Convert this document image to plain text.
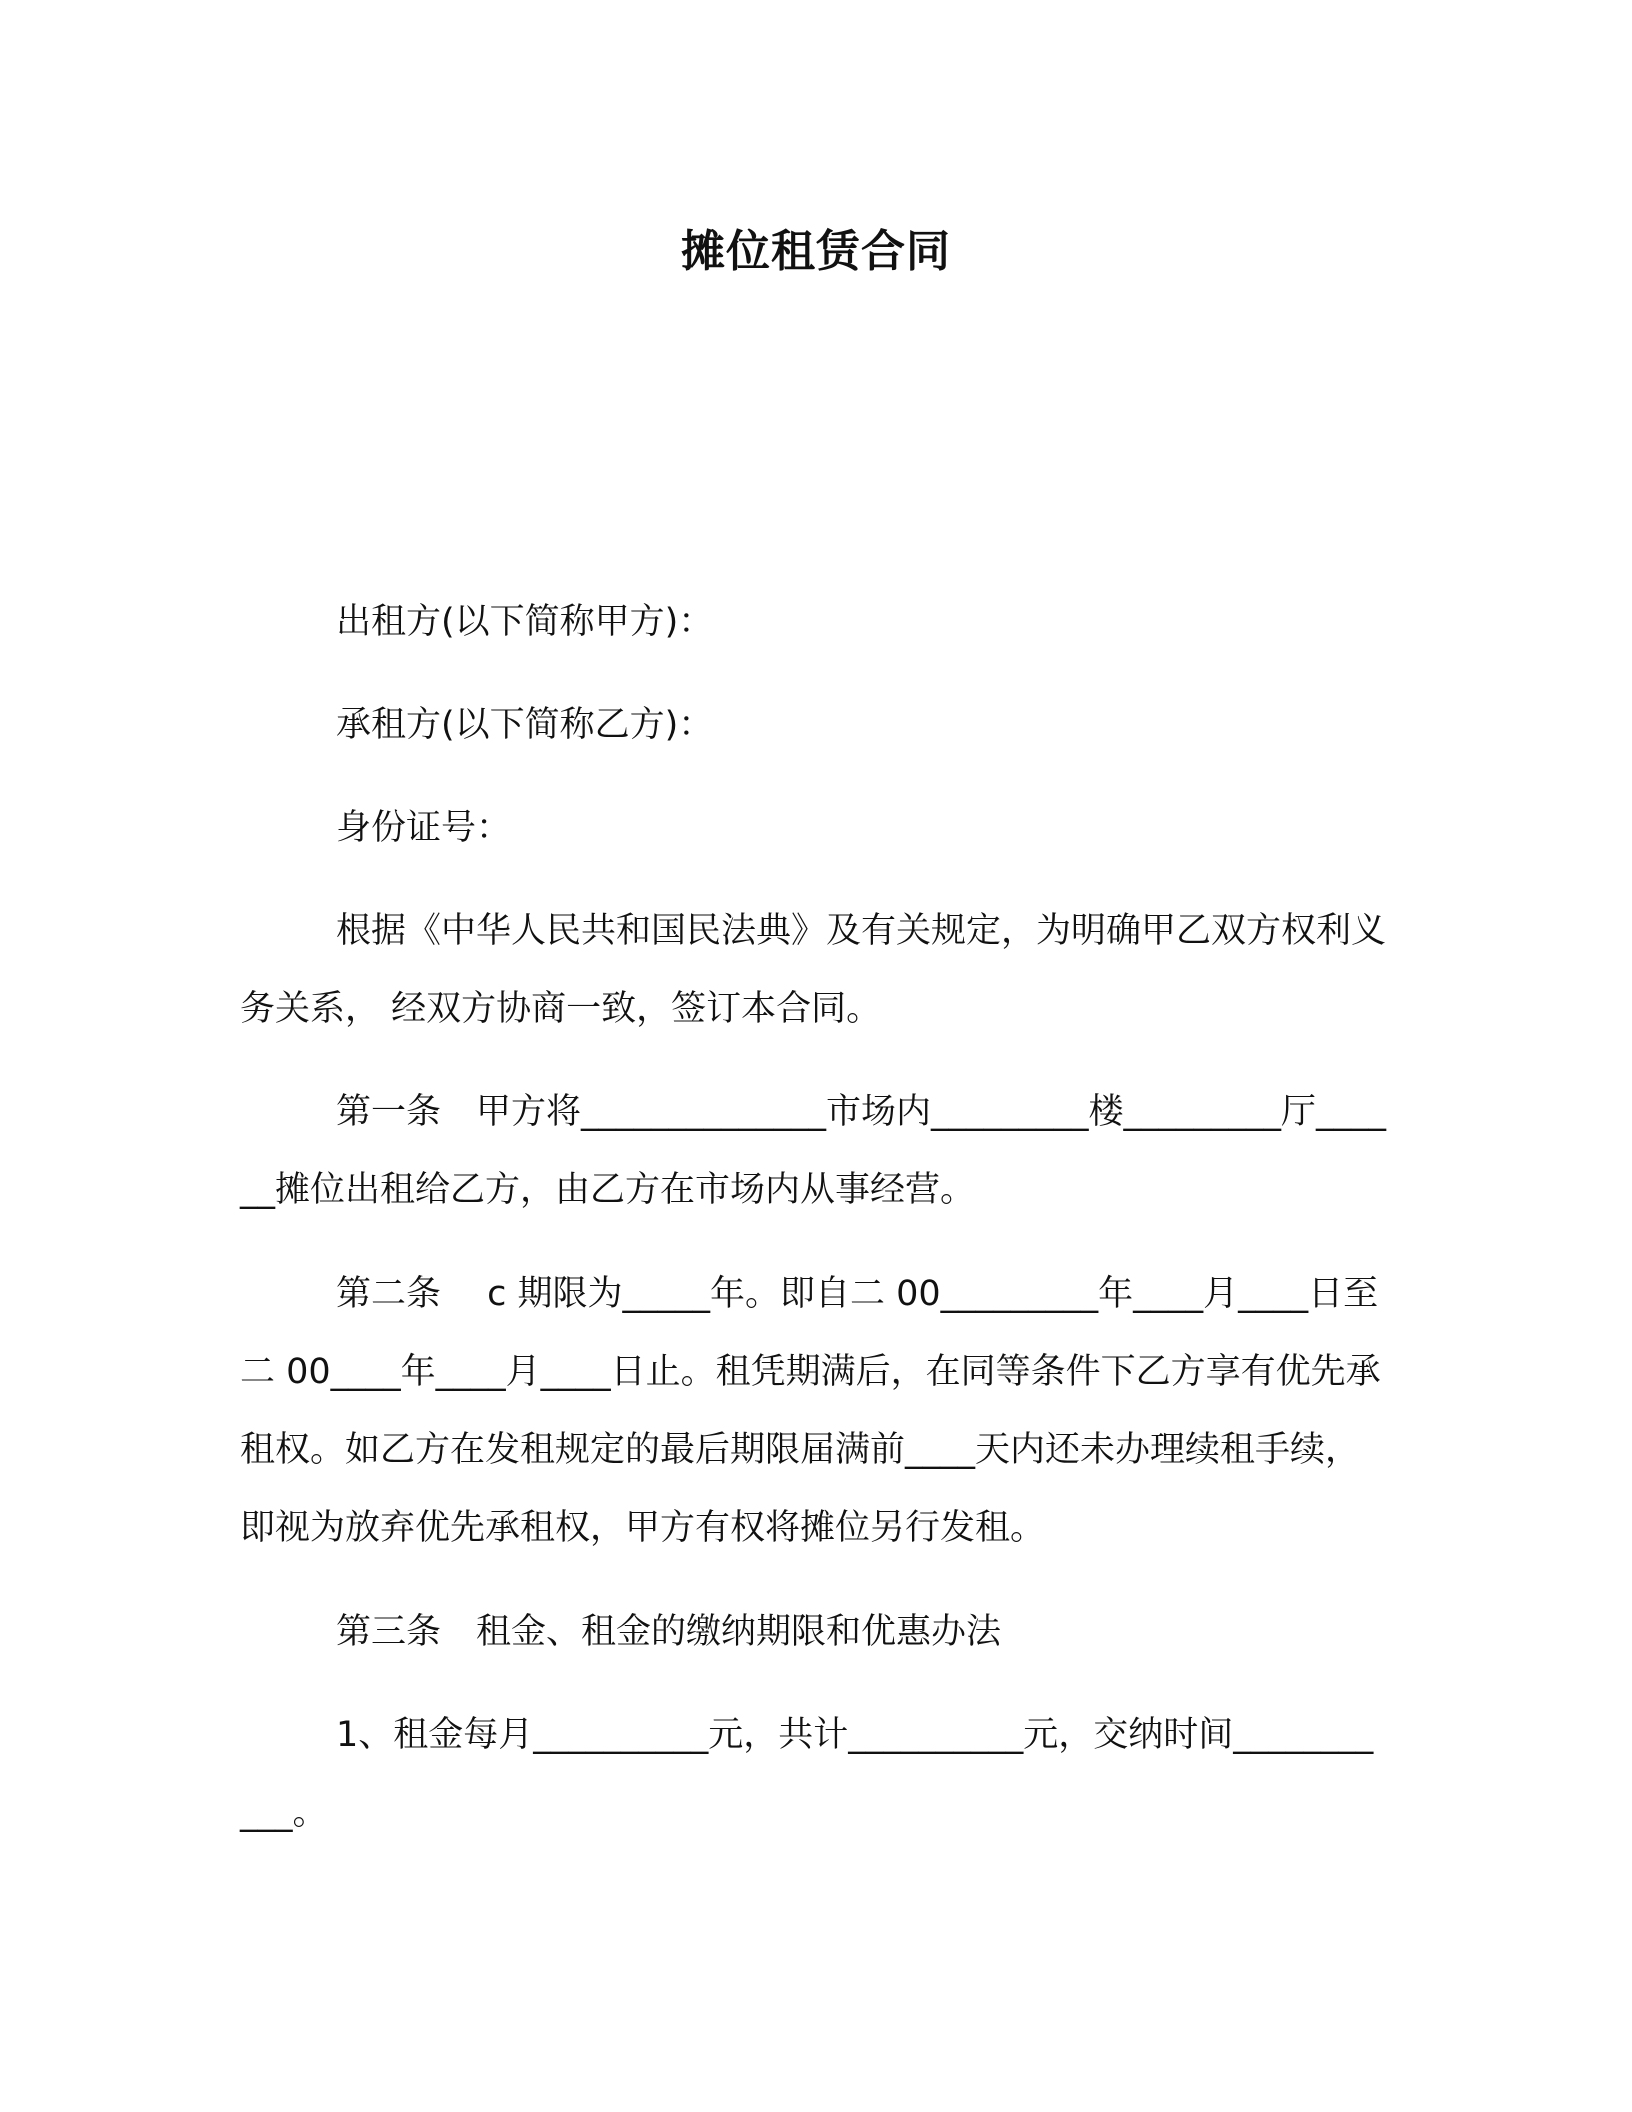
摊位租赁合同

出租方(以下简称甲方)：

承租方(以下简称乙方)：

身份证号：

根据《中华人民共和国民法典》及有关规定，为明确甲乙双方权利义务关系， 经双方协商一致，签订本合同。

第一条　甲方将______________市场内_________楼_________厅______摊位出租给乙方，由乙方在市场内从事经营。

第二条　 c 期限为_____年。即自二 00_________年____月____日至二 00____年____月____日止。租凭期满后，在同等条件下乙方享有优先承租权。如乙方在发租规定的最后期限届满前____天内还未办理续租手续，即视为放弃优先承租权，甲方有权将摊位另行发租。

第三条　租金、租金的缴纳期限和优惠办法

1、租金每月__________元，共计__________元，交纳时间___________。
